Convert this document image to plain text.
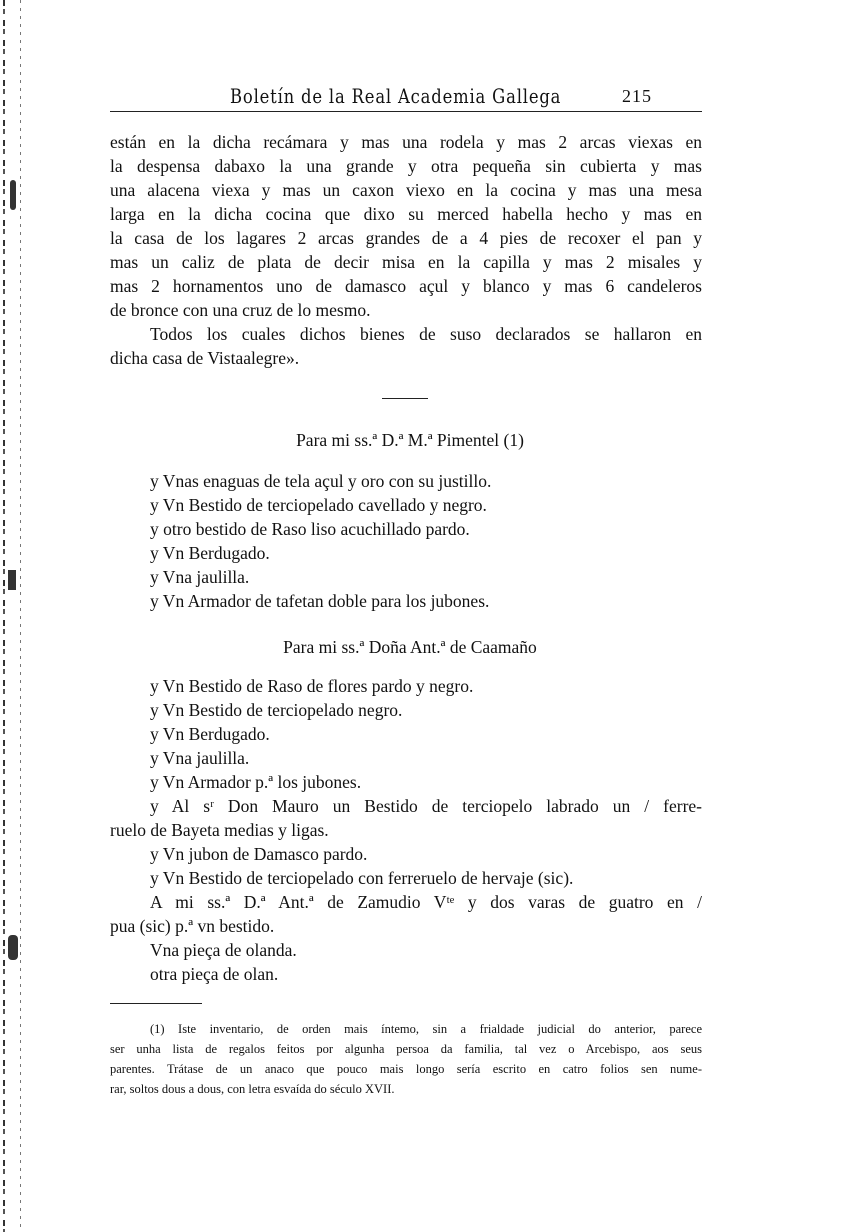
Boletín de la Real Academia Gallega	215
están en la dicha recámara y mas una rodela y mas 2 arcas viexas en
la despensa dabaxo la una grande y otra pequeña sin cubierta y mas
una alacena viexa y mas un caxon viexo en la cocina y mas una mesa
larga en la dicha cocina que dixo su merced habella hecho y mas en
la casa de los lagares 2 arcas grandes de a 4 pies de recoxer el pan y
mas un caliz de plata de decir misa en la capilla y mas 2 misales y
mas 2 hornamentos uno de damasco açul y blanco y mas 6 candeleros
de bronce con una cruz de lo mesmo.
Todos los cuales dichos bienes de suso declarados se hallaron en
dicha casa de Vistaalegre».
Para mi ss.ª D.ª M.ª Pimentel (1)
y Vnas enaguas de tela açul y oro con su justillo.
y Vn Bestido de terciopelado cavellado y negro.
y otro bestido de Raso liso acuchillado pardo.
y Vn Berdugado.
y Vna jaulilla.
y Vn Armador de tafetan doble para los jubones.
Para mi ss.ª Doña Ant.ª de Caamaño
y Vn Bestido de Raso de flores pardo y negro.
y Vn Bestido de terciopelado negro.
y Vn Berdugado.
y Vna jaulilla.
y Vn Armador p.ª los jubones.
y Al sʳ Don Mauro un Bestido de terciopelo labrado un / ferre-
ruelo de Bayeta medias y ligas.
y Vn jubon de Damasco pardo.
y Vn Bestido de terciopelado con ferreruelo de hervaje (sic).
A mi ss.ª D.ª Ant.ª de Zamudio Vᵗᵉ y dos varas de guatro en /
pua (sic) p.ª vn bestido.
Vna pieça de olanda.
otra pieça de olan.
(1) Iste inventario, de orden mais íntemo, sin a frialdade judicial do anterior, parece
ser unha lista de regalos feitos por algunha persoa da familia, tal vez o Arcebispo, aos seus
parentes. Trátase de un anaco que pouco mais longo sería escrito en catro folios sen nume-
rar, soltos dous a dous, con letra esvaída do século XVII.
